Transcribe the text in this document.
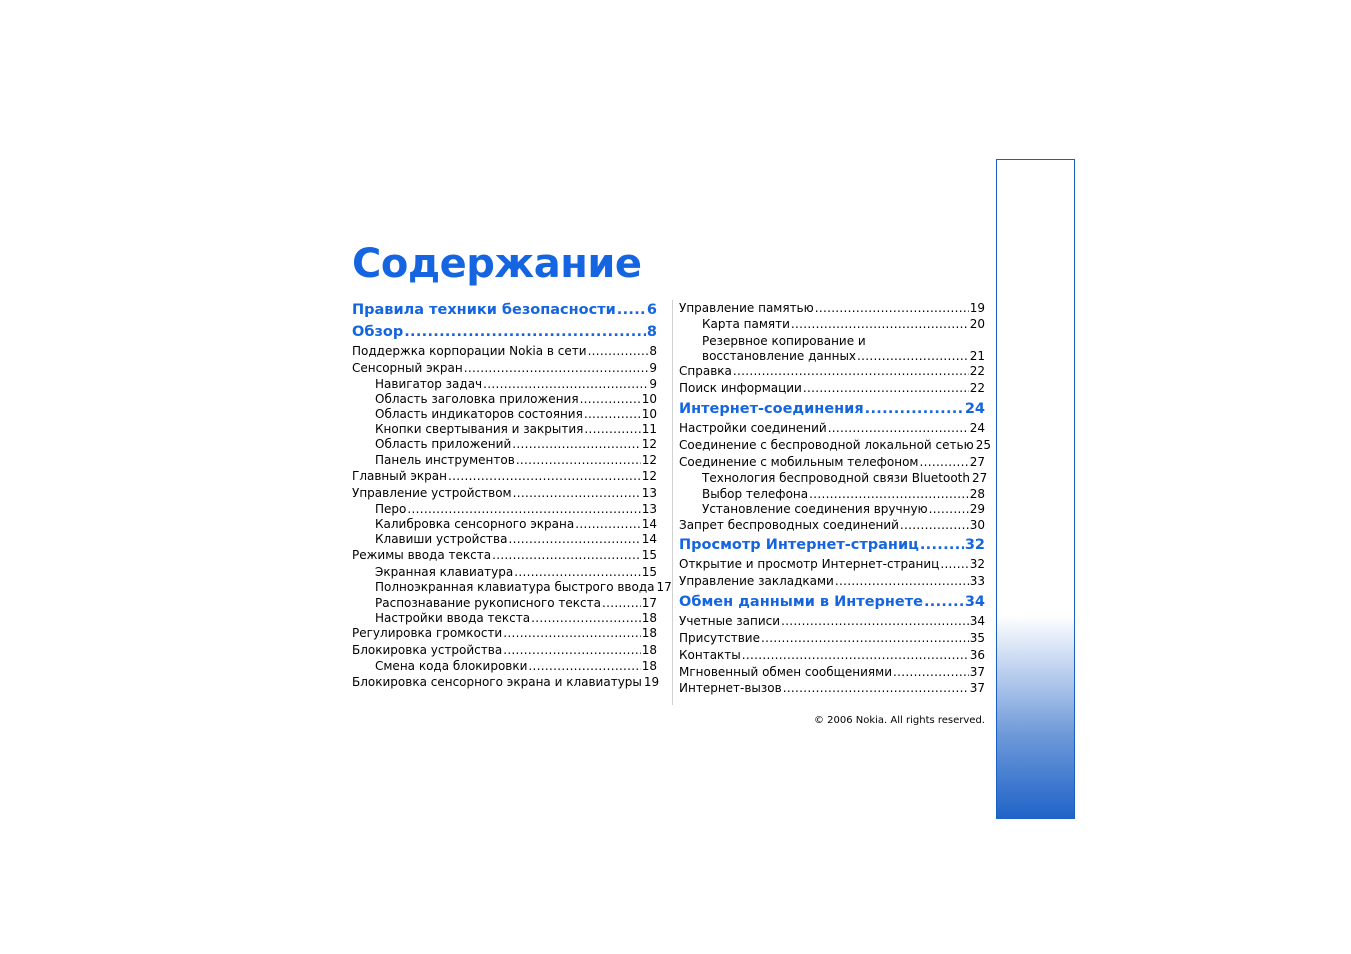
Содержание
Правила техники безопасности ..... 6
Обзор .....	8
Поддержка корпорации Nokia в сети .....	8
Сенсорный экран .....	9
Навигатор задач .....	9
Область заголовка приложения .....	10
Область индикаторов состояния .....	10
Кнопки свертывания и закрытия .....	11
Область приложений .....	12
Панель инструментов .....	12
Главный экран .....	12
Управление устройством .....	13
Перо .....	13
Калибровка сенсорного экрана .....	14
Клавиши устройства .....	14
Режимы ввода текста .....	15
Экранная клавиатура .....	15
Полноэкранная клавиатура быстрого ввода 17
Распознавание рукописного текста .....	17
Настройки ввода текста .....	18
Регулировка громкости .....	18
Блокировка устройства .....	18
Смена кода блокировки .....	18
Блокировка сенсорного экрана и клавиатуры 19
Управление памятью .....	19
Карта памяти .....	20
Резервное копирование и
восстановление данных .....	21
Справка .....	22
Поиск информации .....	22
Интернет-соединения .....	24
Настройки соединений .....	24
Соединение с беспроводной локальной сетью 25
Соединение с мобильным телефоном .....	27
Технология беспроводной связи Bluetooth 27
Выбор телефона .....	28
Установление соединения вручную .....	29
Запрет беспроводных соединений .....	30
Просмотр Интернет-страниц .....	32
Открытие и просмотр Интернет-страниц .....	32
Управление закладками .....	33
Обмен данными в Интернете .....	34
Учетные записи .....	34
Присутствие .....	35
Контакты .....	36
Мгновенный обмен сообщениями .....	37
Интернет-вызов .....	37
© 2006 Nokia. All rights reserved.
